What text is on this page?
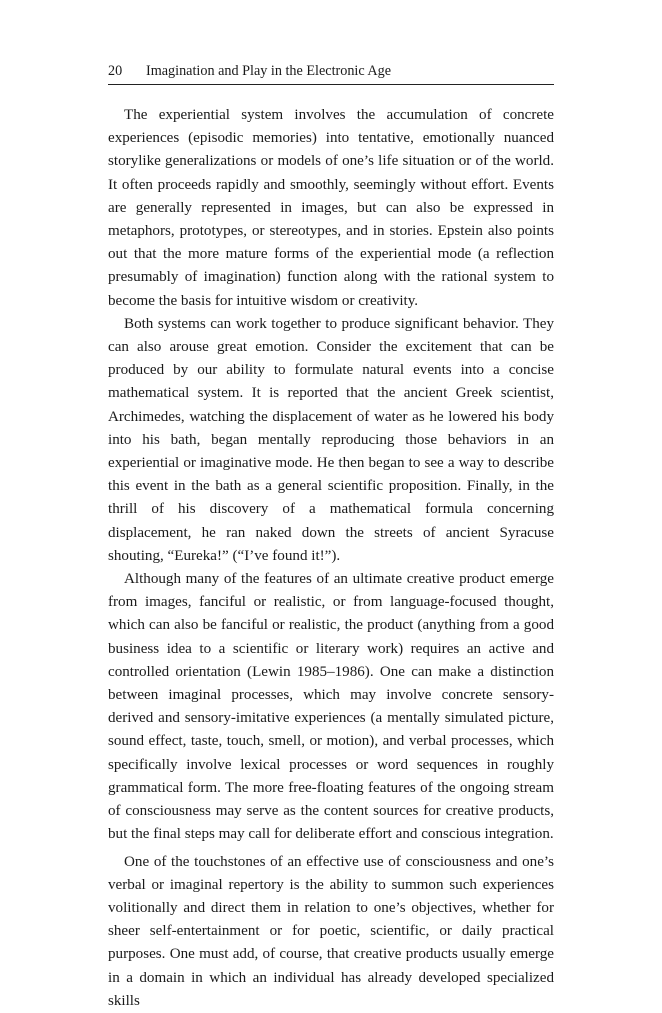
20 Imagination and Play in the Electronic Age

The experiential system involves the accumulation of concrete experiences (episodic memories) into tentative, emotionally nuanced storylike generalizations or models of one’s life situation or of the world. It often proceeds rapidly and smoothly, seemingly without effort. Events are generally represented in images, but can also be expressed in metaphors, prototypes, or stereotypes, and in stories. Epstein also points out that the more mature forms of the experiential mode (a reflection presumably of imagination) function along with the rational system to become the basis for intuitive wisdom or creativity.

Both systems can work together to produce significant behavior. They can also arouse great emotion. Consider the excitement that can be produced by our ability to formulate natural events into a concise mathematical system. It is reported that the ancient Greek scientist, Archimedes, watching the displacement of water as he lowered his body into his bath, began mentally reproducing those behaviors in an experiential or imaginative mode. He then began to see a way to describe this event in the bath as a general scientific proposition. Finally, in the thrill of his discovery of a mathematical formula concerning displacement, he ran naked down the streets of ancient Syracuse shouting, “Eureka!” (“I’ve found it!”).

Although many of the features of an ultimate creative product emerge from images, fanciful or realistic, or from language-focused thought, which can also be fanciful or realistic, the product (anything from a good business idea to a scientific or literary work) requires an active and controlled orientation (Lewin 1985–1986). One can make a distinction between imaginal processes, which may involve concrete sensory-derived and sensory-imitative experiences (a mentally simulated picture, sound effect, taste, touch, smell, or motion), and verbal processes, which specifically involve lexical processes or word sequences in roughly grammatical form. The more free-floating features of the ongoing stream of consciousness may serve as the content sources for creative products, but the final steps may call for deliberate effort and conscious integration.

One of the touchstones of an effective use of consciousness and one’s verbal or imaginal repertory is the ability to summon such experiences volitionally and direct them in relation to one’s objectives, whether for sheer self-entertainment or for poetic, scientific, or daily practical purposes. One must add, of course, that creative products usually emerge in a domain in which an individual has already developed specialized skills
